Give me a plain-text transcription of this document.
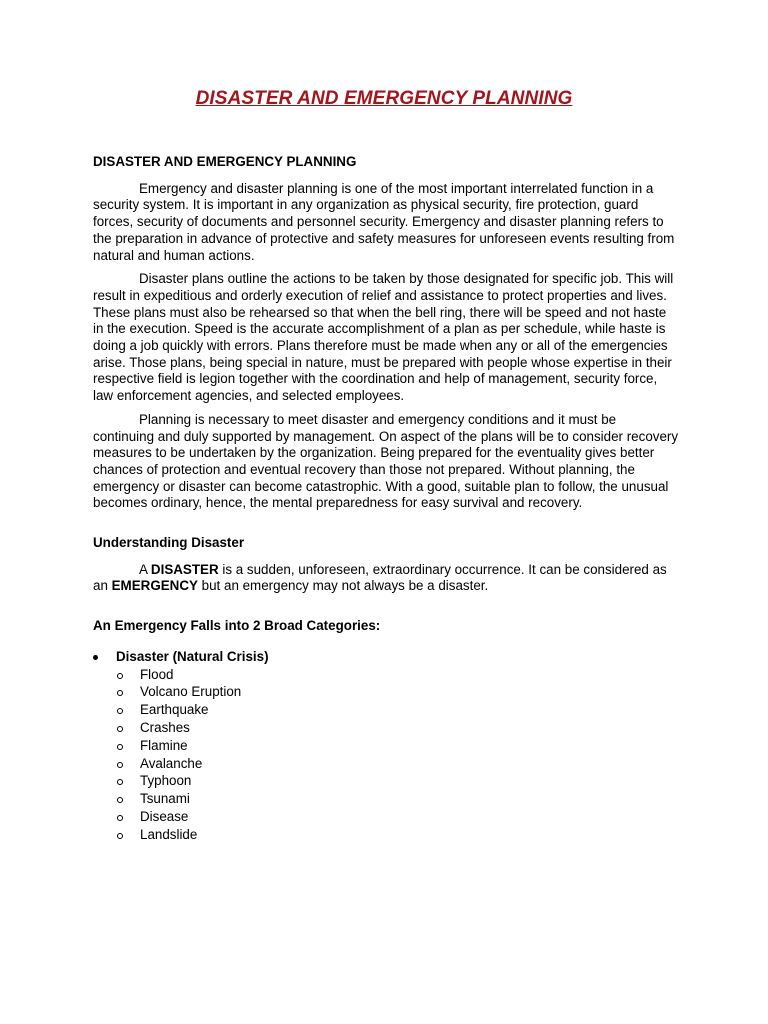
DISASTER AND EMERGENCY PLANNING

DISASTER AND EMERGENCY PLANNING

Emergency and disaster planning is one of the most important interrelated function in a security system. It is important in any organization as physical security, fire protection, guard forces, security of documents and personnel security. Emergency and disaster planning refers to the preparation in advance of protective and safety measures for unforeseen events resulting from natural and human actions.

Disaster plans outline the actions to be taken by those designated for specific job. This will result in expeditious and orderly execution of relief and assistance to protect properties and lives. These plans must also be rehearsed so that when the bell ring, there will be speed and not haste in the execution. Speed is the accurate accomplishment of a plan as per schedule, while haste is doing a job quickly with errors. Plans therefore must be made when any or all of the emergencies arise. Those plans, being special in nature, must be prepared with people whose expertise in their respective field is legion together with the coordination and help of management, security force, law enforcement agencies, and selected employees.

Planning is necessary to meet disaster and emergency conditions and it must be continuing and duly supported by management. On aspect of the plans will be to consider recovery measures to be undertaken by the organization. Being prepared for the eventuality gives better chances of protection and eventual recovery than those not prepared. Without planning, the emergency or disaster can become catastrophic. With a good, suitable plan to follow, the unusual becomes ordinary, hence, the mental preparedness for easy survival and recovery.

Understanding Disaster

A DISASTER is a sudden, unforeseen, extraordinary occurrence. It can be considered as an EMERGENCY but an emergency may not always be a disaster.

An Emergency Falls into 2 Broad Categories:

Disaster (Natural Crisis)

Flood
Volcano Eruption
Earthquake
Crashes
Flamine
Avalanche
Typhoon
Tsunami
Disease
Landslide
